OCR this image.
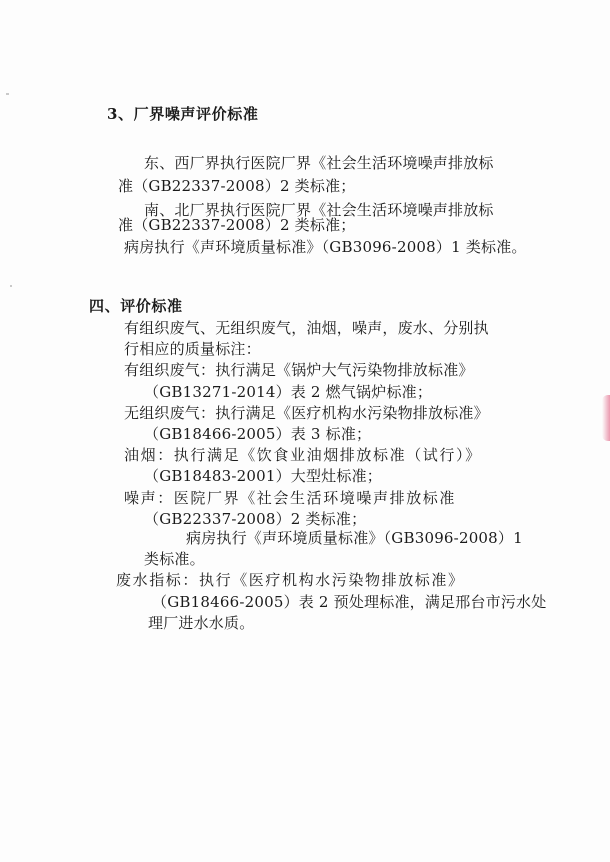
3、厂界噪声评价标准
东、西厂界执行医院厂界《社会生活环境噪声排放标
准（GB22337-2008）2 类标准；
南、北厂界执行医院厂界《社会生活环境噪声排放标
准（GB22337-2008）2 类标准；
病房执行《声环境质量标准》（GB3096-2008）1 类标准。
四、评价标准
有组织废气、无组织废气，油烟，噪声，废水、分别执
行相应的质量标注：
有组织废气：执行满足《锅炉大气污染物排放标准》
（GB13271-2014）表 2 燃气锅炉标准；
无组织废气：执行满足《医疗机构水污染物排放标准》
（GB18466-2005）表 3 标准；
油烟：执行满足《饮食业油烟排放标准（试行）》
（GB18483-2001）大型灶标准；
噪声：医院厂界《社会生活环境噪声排放标准
（GB22337-2008）2 类标准；
病房执行《声环境质量标准》（GB3096-2008）1
类标准。
废水指标：执行《医疗机构水污染物排放标准》
（GB18466-2005）表 2 预处理标准，满足邢台市污水处
理厂进水水质。
